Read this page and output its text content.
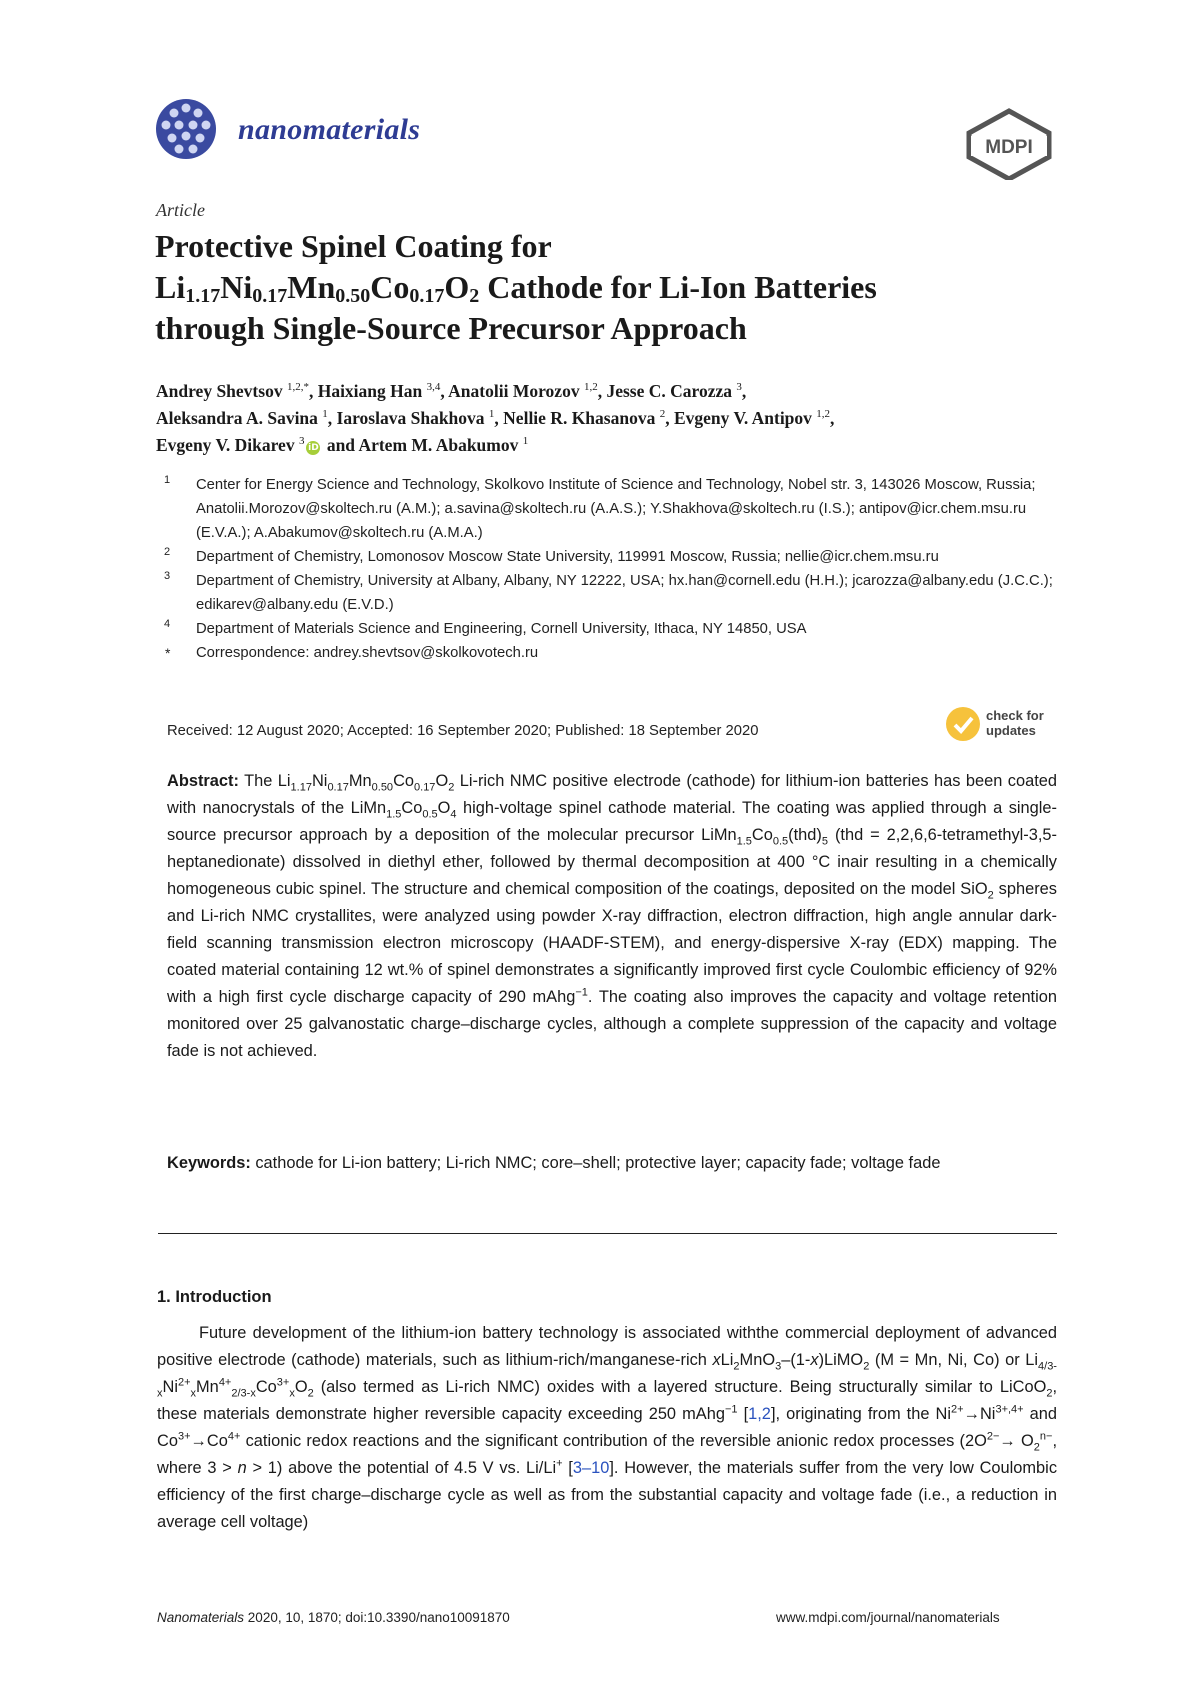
nanomaterials
MDPI
Article
Protective Spinel Coating for
$Li_{1.17}Ni_{0.17}Mn_{0.50}Co_{0.17}O_2$ Cathode for Li-Ion Batteries
through Single-Source Precursor Approach
Andrey Shevtsov $^{1,2,*}$, Haixiang Han $^{3,4}$, Anatolii Morozov $^{1,2}$, Jesse C. Carozza $^3$,
Aleksandra A. Savina $^1$, Iaroslava Shakhova $^1$, Nellie R. Khasanova $^2$, Evgeny V. Antipov $^{1,2}$,
Evgeny V. Dikarev $^3$iD and Artem M. Abakumov $^1$
1 Center for Energy Science and Technology, Skolkovo Institute of Science and Technology, Nobel str. 3, 143026 Moscow, Russia; Anatolii.Morozov@skoltech.ru (A.M.); a.savina@skoltech.ru (A.A.S.); Y.Shakhova@skoltech.ru (I.S.); antipov@icr.chem.msu.ru (E.V.A.); A.Abakumov@skoltech.ru (A.M.A.)
2 Department of Chemistry, Lomonosov Moscow State University, 119991 Moscow, Russia; nellie@icr.chem.msu.ru
3 Department of Chemistry, University at Albany, Albany, NY 12222, USA; hx.han@cornell.edu (H.H.); jcarozza@albany.edu (J.C.C.); edikarev@albany.edu (E.V.D.)
4 Department of Materials Science and Engineering, Cornell University, Ithaca, NY 14850, USA
* Correspondence: andrey.shevtsov@skolkovotech.ru
Received: 12 August 2020; Accepted: 16 September 2020; Published: 18 September 2020
check for
updates

Abstract: The $Li_{1.17}Ni_{0.17}Mn_{0.50}Co_{0.17}O_2$ Li-rich NMC positive electrode (cathode) for lithium-ion batteries has been coated with nanocrystals of the $LiMn_{1.5}Co_{0.5}O_4$ high-voltage spinel cathode material. The coating was applied through a single-source precursor approach by a deposition of the molecular precursor $LiMn_{1.5}Co_{0.5}(thd)_5$ (thd = 2,2,6,6-tetramethyl-3,5-heptanedionate) dissolved in diethyl ether, followed by thermal decomposition at 400 °C inair resulting in a chemically homogeneous cubic spinel. The structure and chemical composition of the coatings, deposited on the model SiO$_2$ spheres and Li-rich NMC crystallites, were analyzed using powder X-ray diffraction, electron diffraction, high angle annular dark-field scanning transmission electron microscopy (HAADF-STEM), and energy-dispersive X-ray (EDX) mapping. The coated material containing 12 wt.% of spinel demonstrates a significantly improved first cycle Coulombic efficiency of 92% with a high first cycle discharge capacity of 290 mAhg$^{-1}$. The coating also improves the capacity and voltage retention monitored over 25 galvanostatic charge–discharge cycles, although a complete suppression of the capacity and voltage fade is not achieved.

Keywords: cathode for Li-ion battery; Li-rich NMC; core–shell; protective layer; capacity fade; voltage fade

1. Introduction

Future development of the lithium-ion battery technology is associated withthe commercial deployment of advanced positive electrode (cathode) materials, such as lithium-rich/manganese-rich xLi$_2$MnO$_3$–(1-x)LiMO$_2$ (M = Mn, Ni, Co) or $Li_{4/3-x}Ni^{2+}_xMn^{4+}_{2/3-x}Co^{3+}_xO_2$ (also termed as Li-rich NMC) oxides with a layered structure. Being structurally similar to LiCoO$_2$, these materials demonstrate higher reversible capacity exceeding 250 mAhg$^{-1}$ [1,2], originating from the $Ni^{2+}\to Ni^{3+,4+}$ and $Co^{3+}\to Co^{4+}$ cationic redox reactions and the significant contribution of the reversible anionic redox processes ($2O^{2-}\to O_2^{n-}$, where 3 > n > 1) above the potential of 4.5 V vs. Li/Li+ [3–10]. However, the materials suffer from the very low Coulombic efficiency of the first charge–discharge cycle as well as from the substantial capacity and voltage fade (i.e., a reduction in average cell voltage)

Nanomaterials 2020, 10, 1870; doi:10.3390/nano10091870	www.mdpi.com/journal/nanomaterials
